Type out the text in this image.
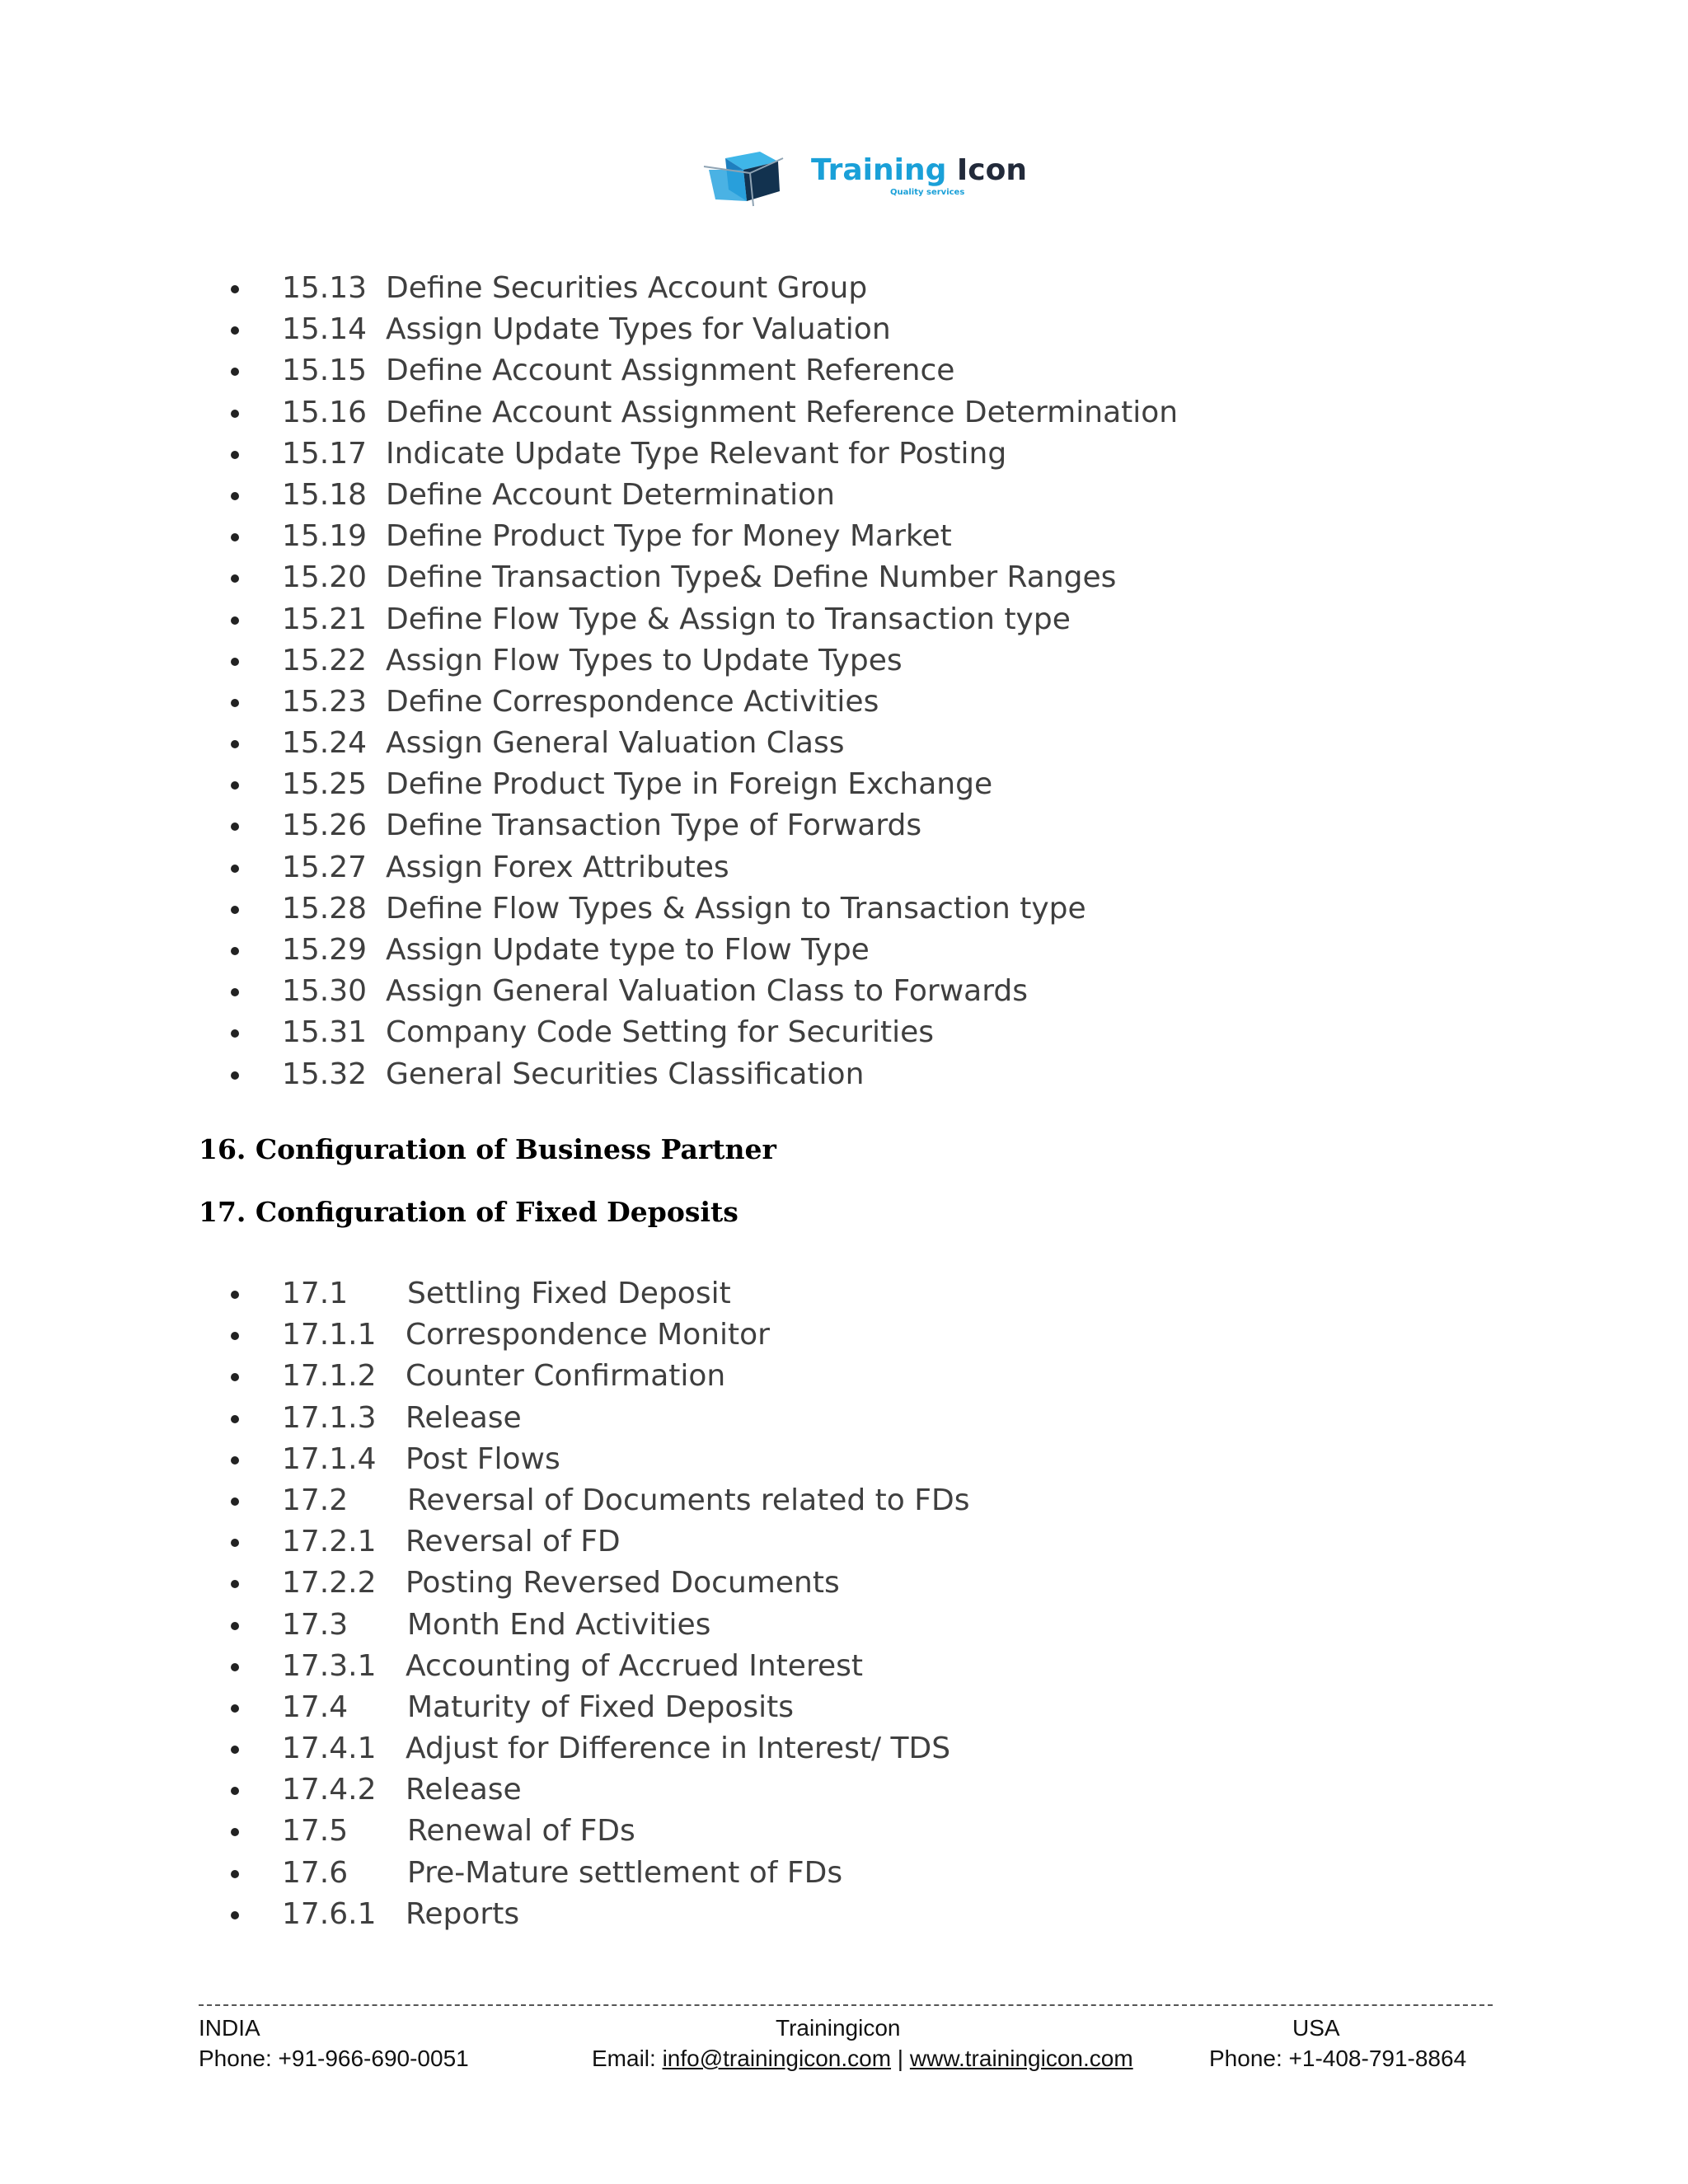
Training Icon
Quality services
15.13 Define Securities Account Group
15.14 Assign Update Types for Valuation
15.15 Define Account Assignment Reference
15.16 Define Account Assignment Reference Determination
15.17 Indicate Update Type Relevant for Posting
15.18 Define Account Determination
15.19 Define Product Type for Money Market
15.20 Define Transaction Type& Define Number Ranges
15.21 Define Flow Type & Assign to Transaction type
15.22 Assign Flow Types to Update Types
15.23 Define Correspondence Activities
15.24 Assign General Valuation Class
15.25 Define Product Type in Foreign Exchange
15.26 Define Transaction Type of Forwards
15.27 Assign Forex Attributes
15.28 Define Flow Types & Assign to Transaction type
15.29 Assign Update type to Flow Type
15.30 Assign General Valuation Class to Forwards
15.31 Company Code Setting for Securities
15.32 General Securities Classification
16. Configuration of Business Partner
17. Configuration of Fixed Deposits
17.1 Settling Fixed Deposit
17.1.1 Correspondence Monitor
17.1.2 Counter Confirmation
17.1.3 Release
17.1.4 Post Flows
17.2 Reversal of Documents related to FDs
17.2.1 Reversal of FD
17.2.2 Posting Reversed Documents
17.3 Month End Activities
17.3.1 Accounting of Accrued Interest
17.4 Maturity of Fixed Deposits
17.4.1 Adjust for Difference in Interest/ TDS
17.4.2 Release
17.5 Renewal of FDs
17.6 Pre-Mature settlement of FDs
17.6.1 Reports
INDIA
Phone: +91-966-690-0051
Trainingicon
Email: info@trainingicon.com | www.trainingicon.com
USA
Phone: +1-408-791-8864
